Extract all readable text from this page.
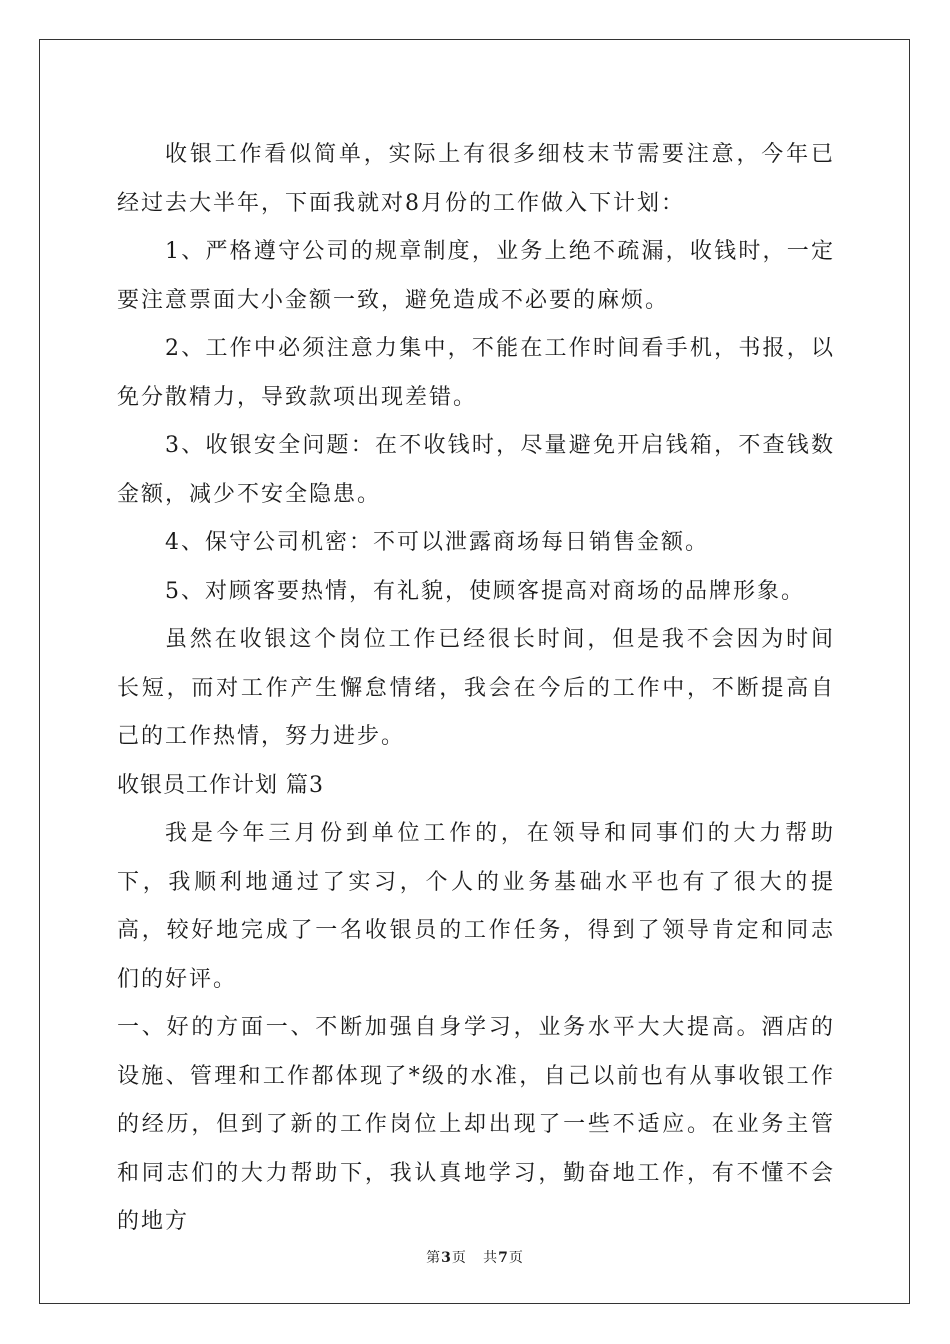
收银工作看似简单，实际上有很多细枝末节需要注意，今年已经过去大半年，下面我就对8月份的工作做入下计划：

1、严格遵守公司的规章制度，业务上绝不疏漏，收钱时，一定要注意票面大小金额一致，避免造成不必要的麻烦。

2、工作中必须注意力集中，不能在工作时间看手机，书报，以免分散精力，导致款项出现差错。

3、收银安全问题：在不收钱时，尽量避免开启钱箱，不查钱数金额，减少不安全隐患。

4、保守公司机密：不可以泄露商场每日销售金额。

5、对顾客要热情，有礼貌，使顾客提高对商场的品牌形象。

虽然在收银这个岗位工作已经很长时间，但是我不会因为时间长短，而对工作产生懈怠情绪，我会在今后的工作中，不断提高自己的工作热情，努力进步。

收银员工作计划 篇3

我是今年三月份到单位工作的，在领导和同事们的大力帮助下，我顺利地通过了实习，个人的业务基础水平也有了很大的提高，较好地完成了一名收银员的工作任务，得到了领导肯定和同志们的好评。

一、好的方面一、不断加强自身学习，业务水平大大提高。酒店的设施、管理和工作都体现了*级的水准，自己以前也有从事收银工作的经历，但到了新的工作岗位上却出现了一些不适应。在业务主管和同志们的大力帮助下，我认真地学习，勤奋地工作，有不懂不会的地方

第3页 共7页
